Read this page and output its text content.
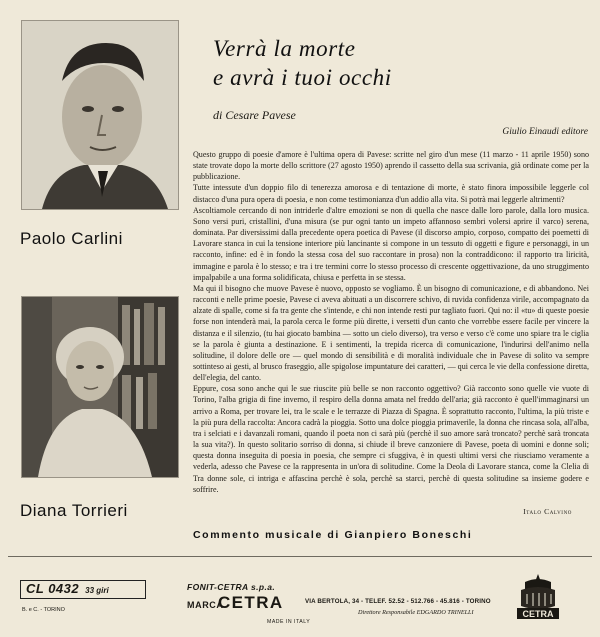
Paolo Carlini
Diana Torrieri
Verrà la morte
e avrà i tuoi occhi
di Cesare Pavese
Giulio Einaudi editore

Questo gruppo di poesie d'amore è l'ultima opera di Pavese: scritte nel giro d'un mese (11 marzo - 11 aprile 1950) sono state trovate dopo la morte dello scrittore (27 agosto 1950) aprendo il cassetto della sua scrivania, già ordinate come per la pubblicazione.

Tutte intessute d'un doppio filo di tenerezza amorosa e di tentazione di morte, è stato finora impossibile leggerle col distacco d'una pura opera di poesia, e non come testimonianza d'un addio alla vita. Si potrà mai leggerle altrimenti?

Ascoltiamole cercando di non intriderle d'altre emozioni se non di quella che nasce dalle loro parole, dalla loro musica. Sono versi puri, cristallini, d'una misura (se pur ogni tanto un impeto affannoso sembri volersi aprire il varco) serena, dominata. Par diversissimi dalla precedente opera poetica di Pavese (il discorso ampio, corposo, compatto dei poemetti di Lavorare stanca in cui la tensione interiore più lancinante si compone in un tessuto di oggetti e figure e personaggi, in un racconto, infine: ed è in fondo la stessa cosa del suo raccontare in prosa) non la contraddicono: il rapporto tra liricità, immagine e parola è lo stesso; e tra i tre termini corre lo stesso processo di crescente oggettivazione, da uno struggimento impalpabile a una forma solidificata, chiusa e perfetta in se stessa.

Ma qui il bisogno che muove Pavese è nuovo, opposto se vogliamo. È un bisogno di comunicazione, e di abbandono. Nei racconti e nelle prime poesie, Pavese ci aveva abituati a un discorrere schivo, di ruvida confidenza virile, accompagnato da alzate di spalle, come si fa tra gente che s'intende, e chi non intende resti pur tagliato fuori. Qui no: il «tu» di queste poesie forse non intenderà mai, la parola cerca le forme più dirette, i versetti d'un canto che vorrebbe essere facile per vincere la distanza e il silenzio, (tu hai giocato bambina — sotto un cielo diverso), tra verso e verso c'è come uno spiare tra le ciglia se la parola è giunta a destinazione. E i sentimenti, la trepida ricerca di comunicazione, l'indurirsi dell'animo nella solitudine, il dolore delle ore — quel mondo di sensibilità e di moralità individuale che in Pavese di solito va sempre sottinteso ai gesti, al brusco fraseggio, alle spigolose impuntature dei caratteri, — qui cerca le vie della confessione diretta, dell'elegia, del canto.

Eppure, cosa sono anche qui le sue riuscite più belle se non racconto oggettivo? Già racconto sono quelle vie vuote di Torino, l'alba grigia di fine inverno, il respiro della donna amata nel freddo dell'aria; già racconto è quell'immaginarsi un arrivo a Roma, per trovare lei, tra le scale e le terrazze di Piazza di Spagna. È soprattutto racconto, l'ultima, la più triste e la più pura della raccolta: Ancora cadrà la pioggia. Sotto una dolce pioggia primaverile, la donna che rincasa sola, all'alba, tra i selciati e i davanzali romani, quando il poeta non ci sarà più (perchè il suo amore sarà troncato? perchè sarà troncata la sua vita?). In questo solitario sorriso di donna, si chiude il breve canzoniere di Pavese, poeta di uomini e donne soli; questa donna inseguita di poesia in poesia, che sempre ci sfuggiva, è in questi ultimi versi che riusciamo veramente a vederla, adesso che Pavese ce la rappresenta in un'ora di solitudine. Come la Deola di Lavorare stanca, come la Clelia di Tra donne sole, ci intriga e affascina perchè è sola, perchè sa starci, perchè di questa solitudine sa insieme godere e soffrire.

Italo Calvino
Commento musicale di Gianpiero Boneschi
CL 0432 33 giri
B. e C. - TORINO
FONIT-CETRA s.p.a.
MARCA
CETRA	VIA BERTOLA, 34 - TELEF. 52.52 - 512.766 - 45.816 - TORINO
Direttore Responsabile EDGARDO TRINELLI
MADE IN ITALY
CETRA
